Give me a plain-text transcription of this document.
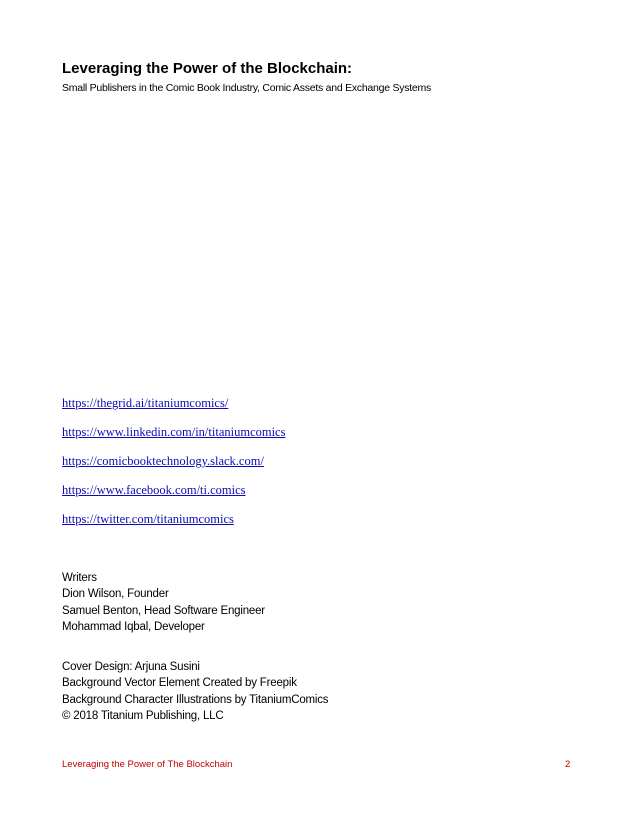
Leveraging the Power of the Blockchain:
Small Publishers in the Comic Book Industry, Comic Assets and Exchange Systems
https://thegrid.ai/titaniumcomics/
https://www.linkedin.com/in/titaniumcomics
https://comicbooktechnology.slack.com/
https://www.facebook.com/ti.comics
https://twitter.com/titaniumcomics
Writers
Dion Wilson, Founder
Samuel Benton, Head Software Engineer
Mohammad Iqbal, Developer
Cover Design: Arjuna Susini
Background Vector Element Created by Freepik
Background Character Illustrations by TitaniumComics
© 2018 Titanium Publishing, LLC
Leveraging the Power of The Blockchain	2
